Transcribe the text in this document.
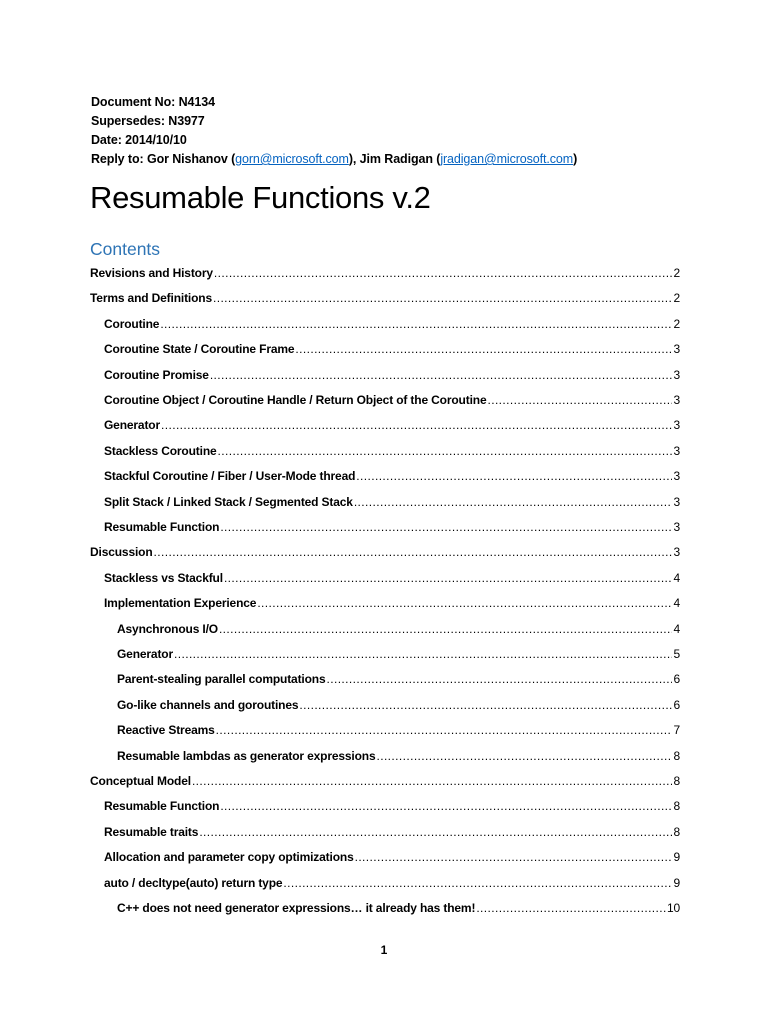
Document No: N4134
Supersedes: N3977
Date: 2014/10/10
Reply to: Gor Nishanov (gorn@microsoft.com), Jim Radigan (jradigan@microsoft.com)
Resumable Functions v.2
Contents
Revisions and History .....	2
Terms and Definitions .....	2
Coroutine .....	2
Coroutine State / Coroutine Frame .....	3
Coroutine Promise .....	3
Coroutine Object / Coroutine Handle / Return Object of the Coroutine .....	3
Generator .....	3
Stackless Coroutine .....	3
Stackful Coroutine / Fiber / User-Mode thread .....	3
Split Stack / Linked Stack / Segmented Stack .....	3
Resumable Function .....	3
Discussion .....	3
Stackless vs Stackful .....	4
Implementation Experience .....	4
Asynchronous I/O .....	4
Generator .....	5
Parent-stealing parallel computations .....	6
Go-like channels and goroutines .....	6
Reactive Streams .....	7
Resumable lambdas as generator expressions .....	8
Conceptual Model .....	8
Resumable Function .....	8
Resumable traits .....	8
Allocation and parameter copy optimizations .....	9
auto / decltype(auto) return type .....	9
C++ does not need generator expressions… it already has them! .....	10
1
